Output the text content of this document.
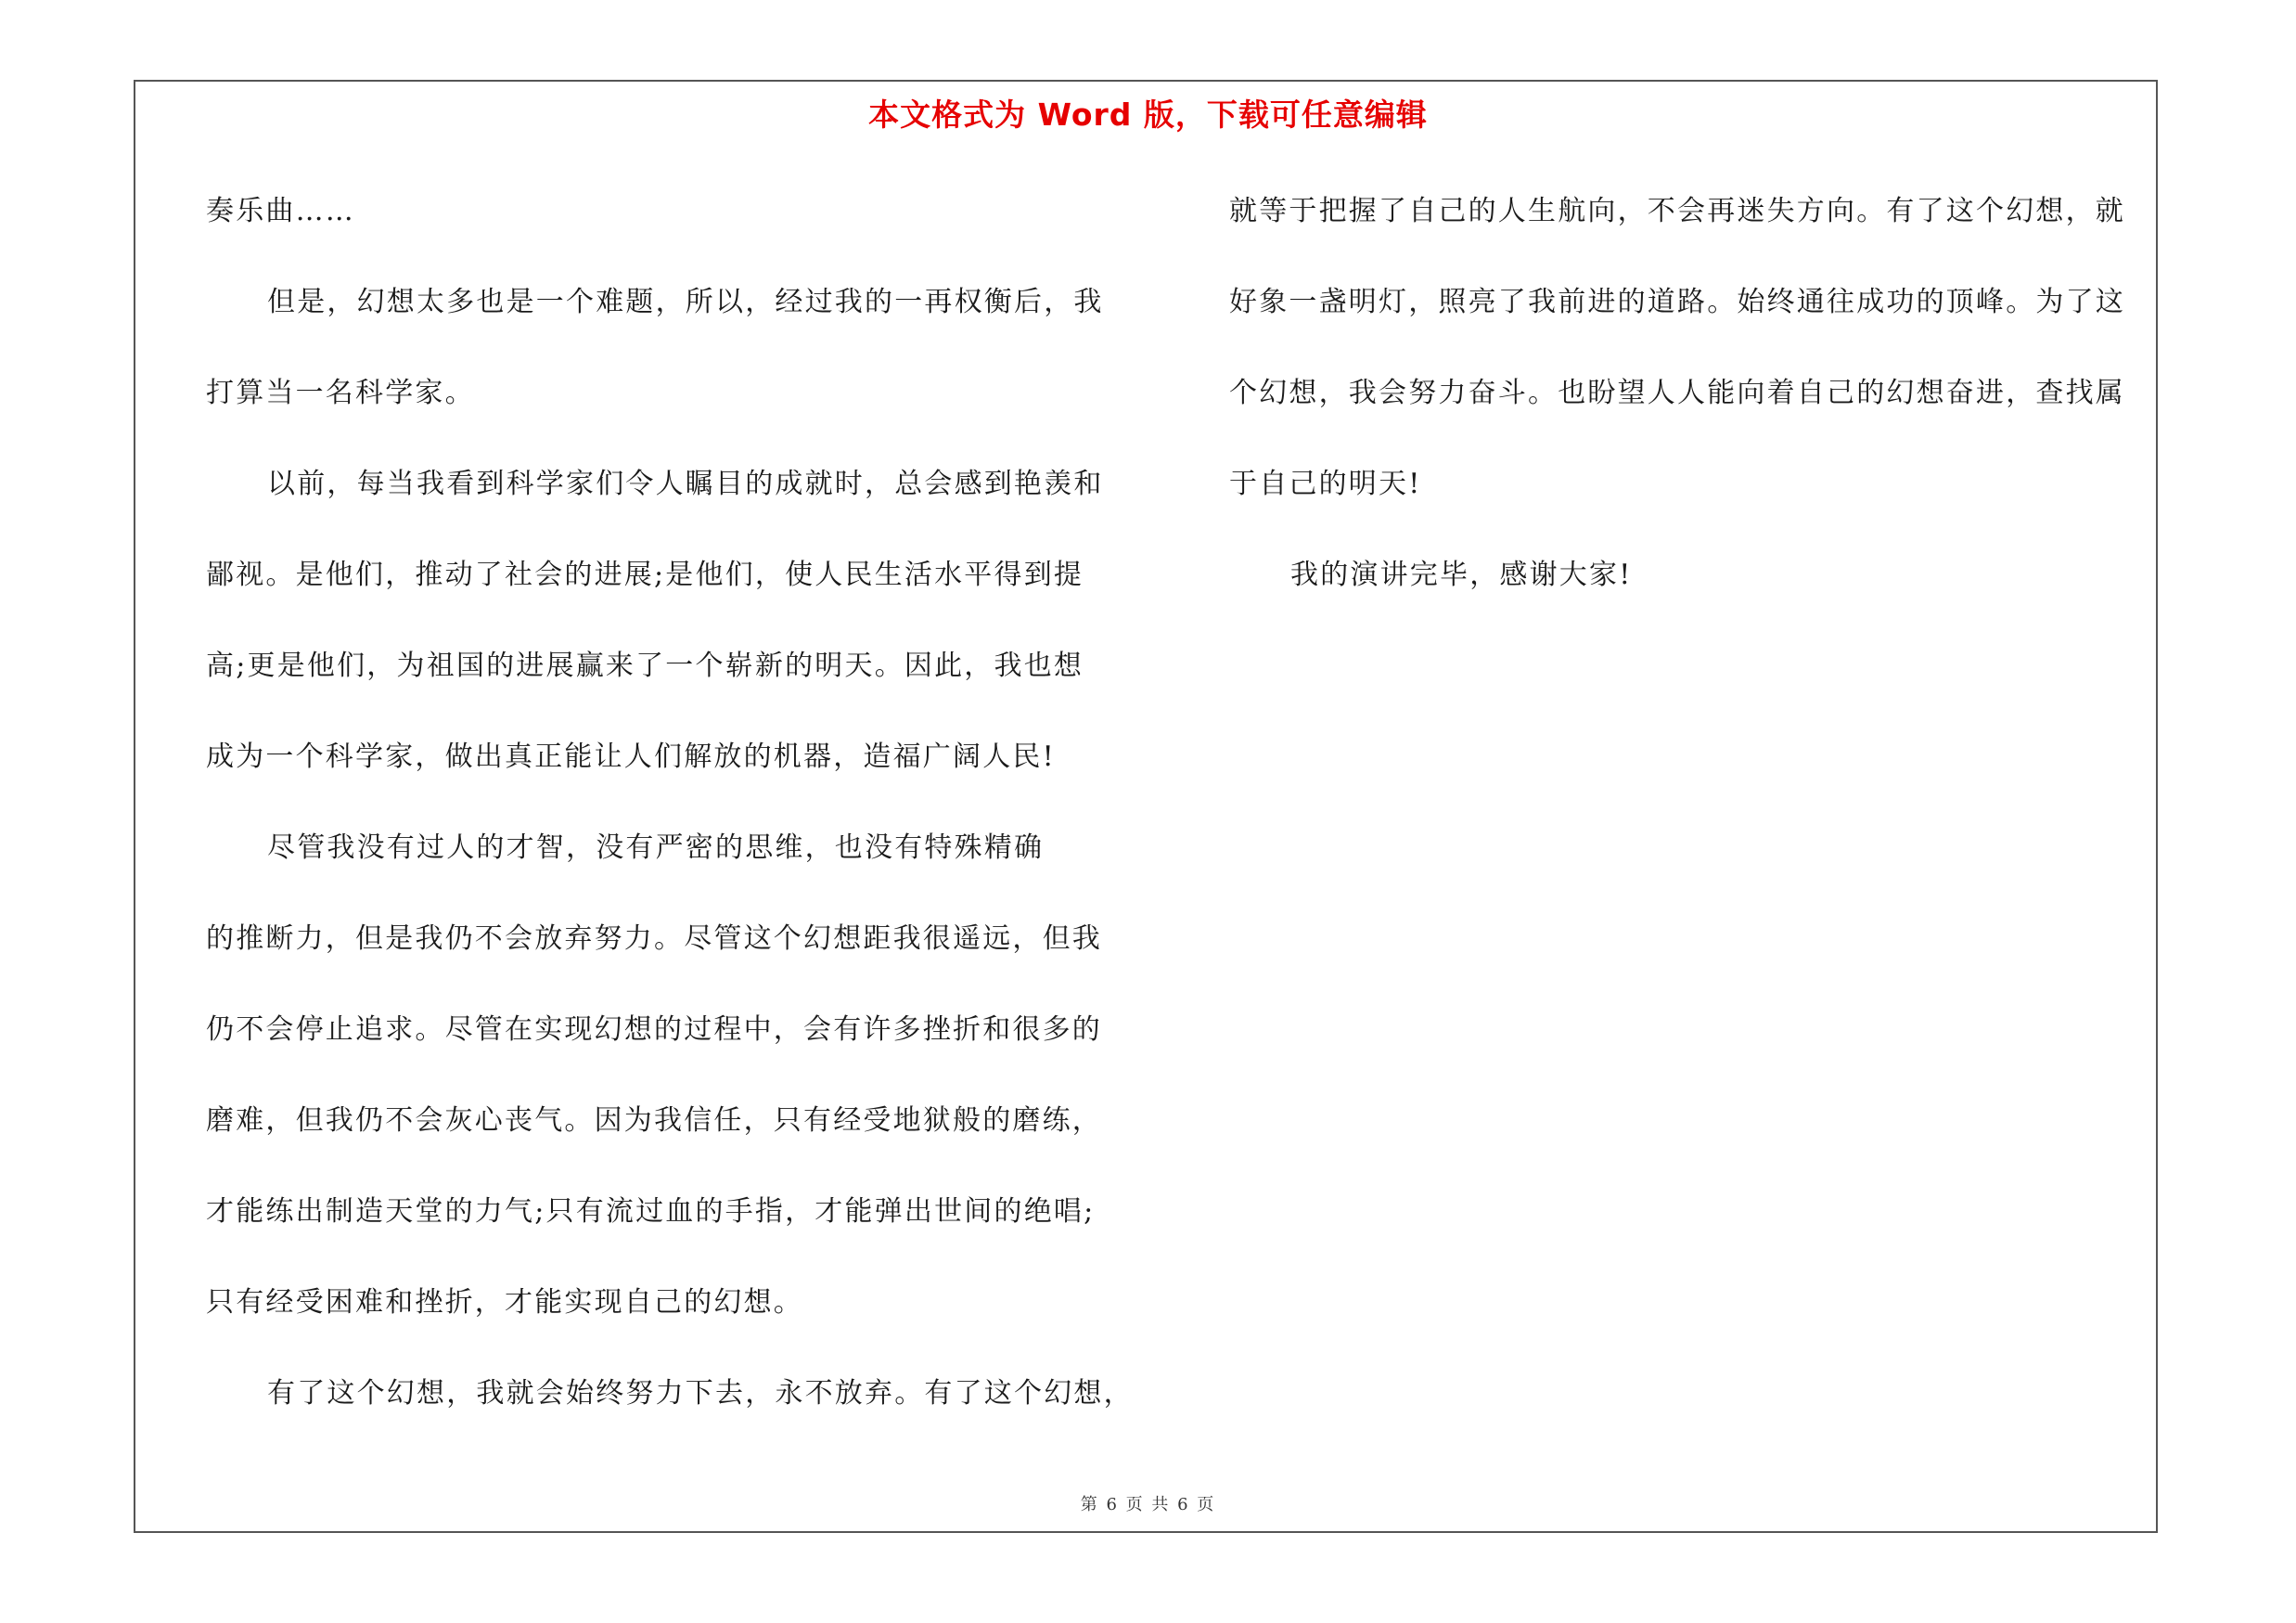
本文格式为 Word 版，下载可任意编辑
奏乐曲……
但是，幻想太多也是一个难题，所以，经过我的一再权衡后，我
打算当一名科学家。
以前，每当我看到科学家们令人瞩目的成就时，总会感到艳羡和
鄙视。是他们，推动了社会的进展;是他们，使人民生活水平得到提
高;更是他们，为祖国的进展赢来了一个崭新的明天。因此，我也想
成为一个科学家，做出真正能让人们解放的机器，造福广阔人民!
尽管我没有过人的才智，没有严密的思维，也没有特殊精确
的推断力，但是我仍不会放弃努力。尽管这个幻想距我很遥远，但我
仍不会停止追求。尽管在实现幻想的过程中，会有许多挫折和很多的
磨难，但我仍不会灰心丧气。因为我信任，只有经受地狱般的磨练，
才能练出制造天堂的力气;只有流过血的手指，才能弹出世间的绝唱;
只有经受困难和挫折，才能实现自己的幻想。
有了这个幻想，我就会始终努力下去，永不放弃。有了这个幻想，
就等于把握了自己的人生航向，不会再迷失方向。有了这个幻想，就
好象一盏明灯，照亮了我前进的道路。始终通往成功的顶峰。为了这
个幻想，我会努力奋斗。也盼望人人能向着自己的幻想奋进，查找属
于自己的明天!
我的演讲完毕，感谢大家!
第 6 页 共 6 页
